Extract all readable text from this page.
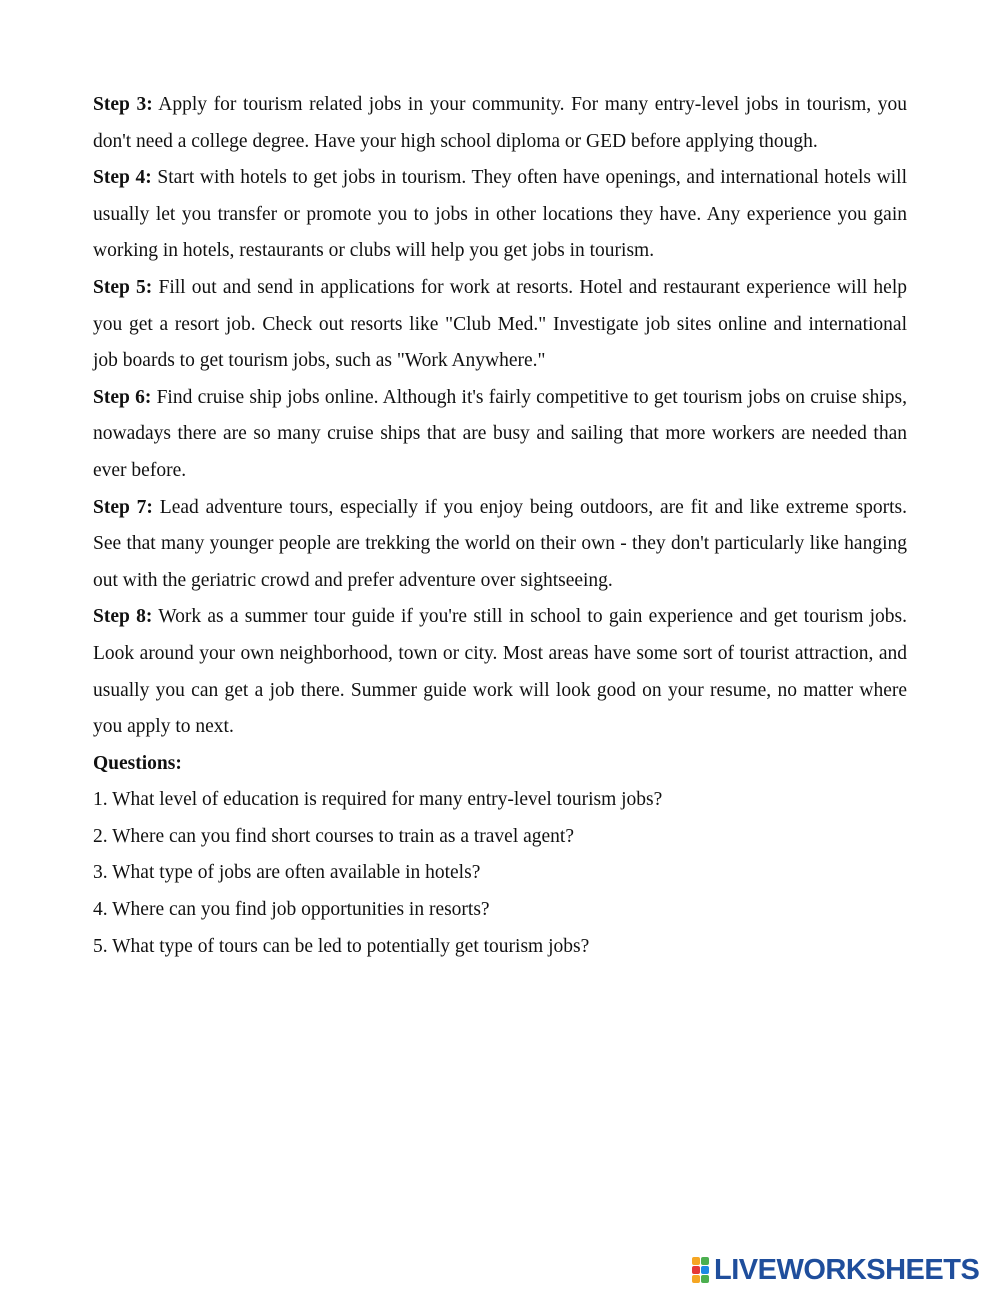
Step 3: Apply for tourism related jobs in your community. For many entry-level jobs in tourism, you don't need a college degree. Have your high school diploma or GED before applying though.

Step 4: Start with hotels to get jobs in tourism. They often have openings, and international hotels will usually let you transfer or promote you to jobs in other locations they have. Any experience you gain working in hotels, restaurants or clubs will help you get jobs in tourism.

Step 5: Fill out and send in applications for work at resorts. Hotel and restaurant experience will help you get a resort job. Check out resorts like "Club Med." Investigate job sites online and international job boards to get tourism jobs, such as "Work Anywhere."

Step 6: Find cruise ship jobs online. Although it's fairly competitive to get tourism jobs on cruise ships, nowadays there are so many cruise ships that are busy and sailing that more workers are needed than ever before.

Step 7: Lead adventure tours, especially if you enjoy being outdoors, are fit and like extreme sports. See that many younger people are trekking the world on their own - they don't particularly like hanging out with the geriatric crowd and prefer adventure over sightseeing.

Step 8: Work as a summer tour guide if you're still in school to gain experience and get tourism jobs. Look around your own neighborhood, town or city. Most areas have some sort of tourist attraction, and usually you can get a job there. Summer guide work will look good on your resume, no matter where you apply to next.

Questions:

1. What level of education is required for many entry-level tourism jobs?

2. Where can you find short courses to train as a travel agent?

3. What type of jobs are often available in hotels?

4. Where can you find job opportunities in resorts?

5. What type of tours can be led to potentially get tourism jobs?

LIVEWORKSHEETS
